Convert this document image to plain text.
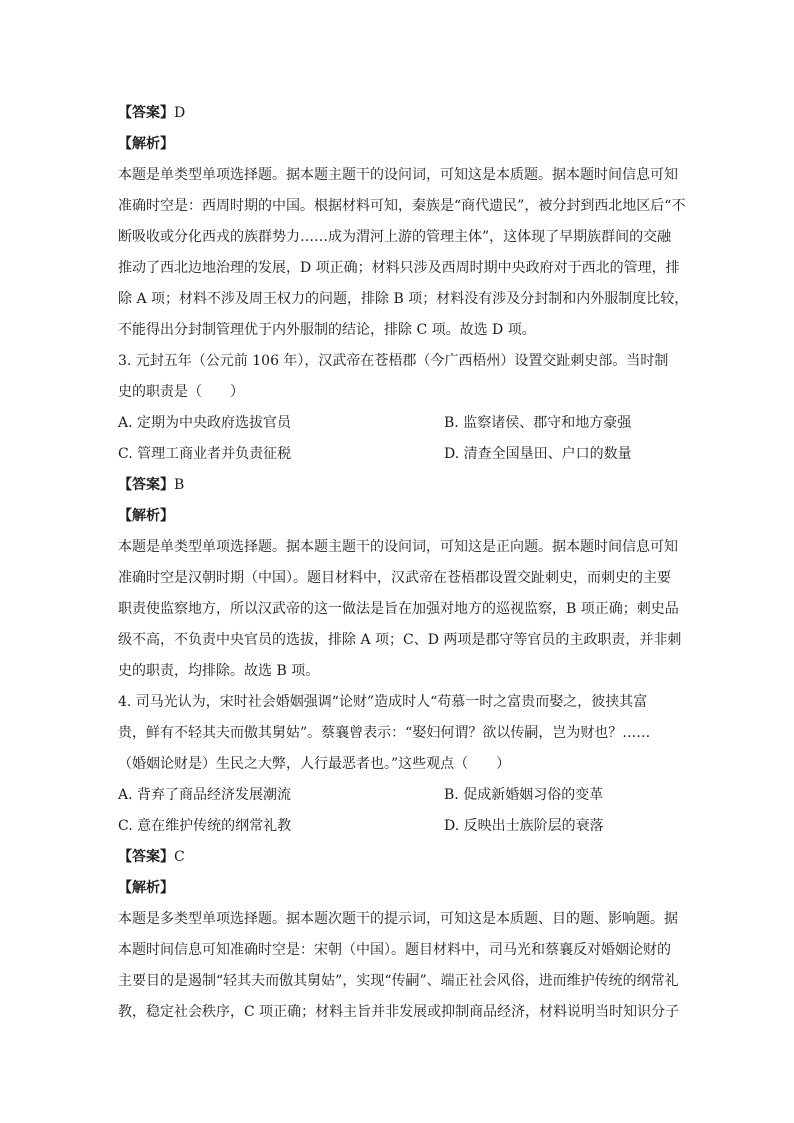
【答案】D
【解析】
本题是单类型单项选择题。据本题主题干的设问词，可知这是本质题。据本题时间信息可知
准确时空是：西周时期的中国。根据材料可知，秦族是“商代遗民”，被分封到西北地区后“不
断吸收或分化西戎的族群势力……成为渭河上游的管理主体”，这体现了早期族群间的交融
推动了西北边地治理的发展，D 项正确；材料只涉及西周时期中央政府对于西北的管理，排
除 A 项；材料不涉及周王权力的问题，排除 B 项；材料没有涉及分封制和内外服制度比较，
不能得出分封制管理优于内外服制的结论，排除 C 项。故选 D 项。
3. 元封五年（公元前 106 年），汉武帝在苍梧郡（今广西梧州）设置交趾刺史部。当时制
史的职责是（　　）
A. 定期为中央政府选拔官员	B. 监察诸侯、郡守和地方豪强
C. 管理工商业者并负责征税	D. 清查全国垦田、户口的数量
【答案】B
【解析】
本题是单类型单项选择题。据本题主题干的设问词，可知这是正向题。据本题时间信息可知
准确时空是汉朝时期（中国）。题目材料中，汉武帝在苍梧郡设置交趾刺史，而刺史的主要
职责使监察地方，所以汉武帝的这一做法是旨在加强对地方的巡视监察，B 项正确；刺史品
级不高，不负责中央官员的选拔，排除 A 项；C、D 两项是郡守等官员的主政职责，并非刺
史的职责，均排除。故选 B 项。
4. 司马光认为，宋时社会婚姻强调“论财”造成时人“苟慕一时之富贵而娶之，彼挟其富
贵，鲜有不轻其夫而傲其舅姑”。蔡襄曾表示：“娶妇何谓？欲以传嗣，岂为财也？……
（婚姻论财是）生民之大弊，人行最恶者也。”这些观点（　　）
A. 背弃了商品经济发展潮流	B. 促成新婚姻习俗的变革
C. 意在维护传统的纲常礼教	D. 反映出士族阶层的衰落
【答案】C
【解析】
本题是多类型单项选择题。据本题次题干的提示词，可知这是本质题、目的题、影响题。据
本题时间信息可知准确时空是：宋朝（中国）。题目材料中，司马光和蔡襄反对婚姻论财的
主要目的是遏制“轻其夫而傲其舅姑”，实现“传嗣”、端正社会风俗，进而维护传统的纲常礼
教，稳定社会秩序，C 项正确；材料主旨并非发展或抑制商品经济，材料说明当时知识分子
